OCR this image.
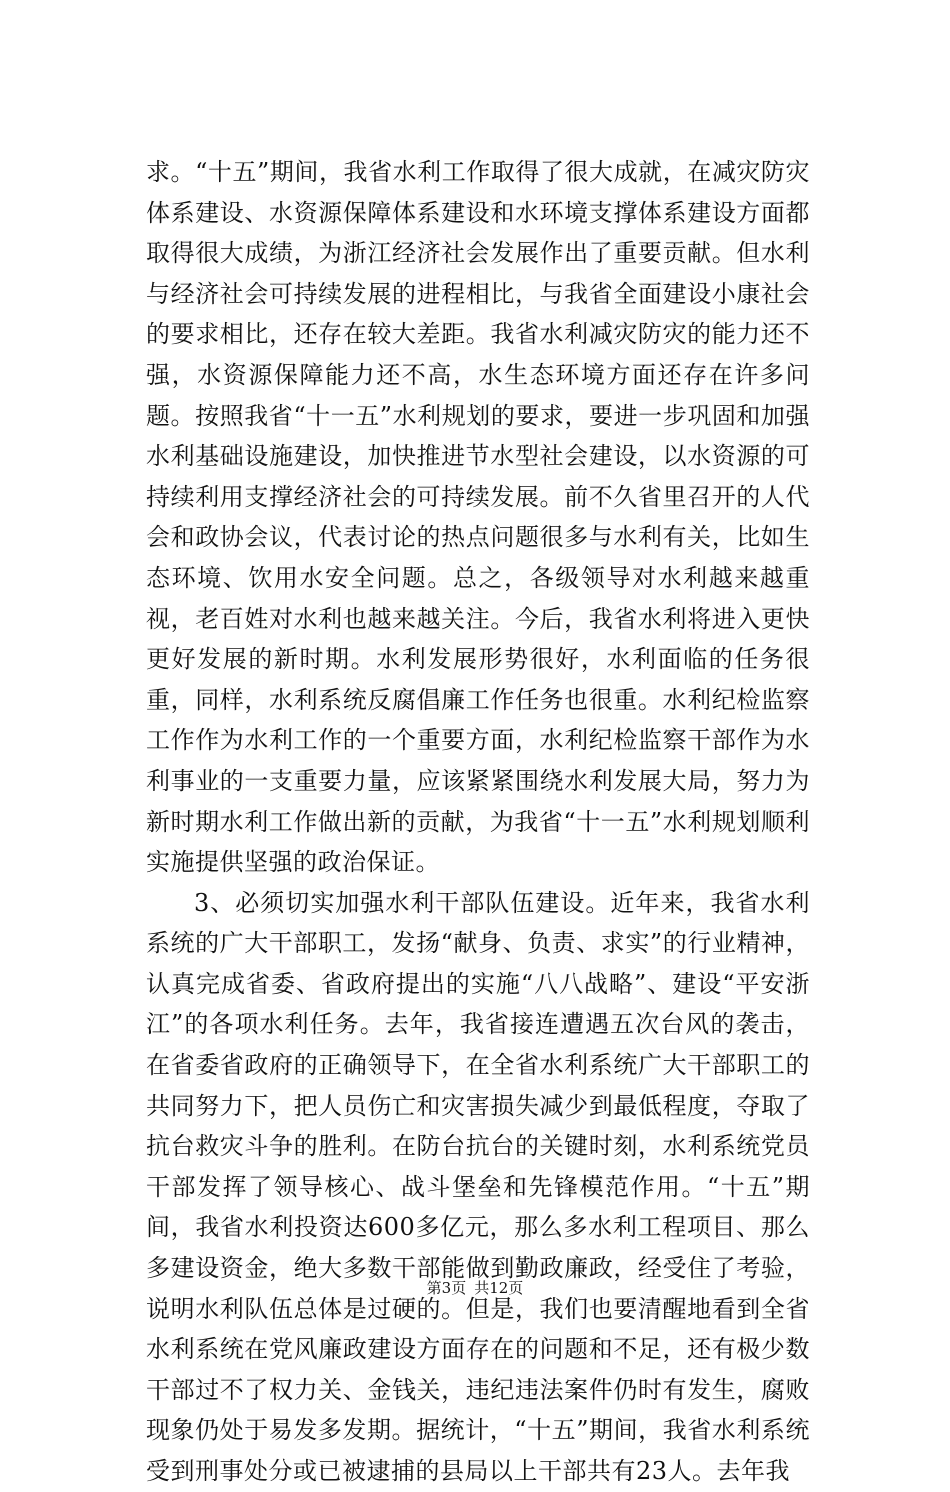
求。“十五”期间，我省水利工作取得了很大成就，在减灾防灾体系建设、水资源保障体系建设和水环境支撑体系建设方面都取得很大成绩，为浙江经济社会发展作出了重要贡献。但水利与经济社会可持续发展的进程相比，与我省全面建设小康社会的要求相比，还存在较大差距。我省水利减灾防灾的能力还不强，水资源保障能力还不高，水生态环境方面还存在许多问题。按照我省“十一五”水利规划的要求，要进一步巩固和加强水利基础设施建设，加快推进节水型社会建设，以水资源的可持续利用支撑经济社会的可持续发展。前不久省里召开的人代会和政协会议，代表讨论的热点问题很多与水利有关，比如生态环境、饮用水安全问题。总之，各级领导对水利越来越重视，老百姓对水利也越来越关注。今后，我省水利将进入更快更好发展的新时期。水利发展形势很好，水利面临的任务很重，同样，水利系统反腐倡廉工作任务也很重。水利纪检监察工作作为水利工作的一个重要方面，水利纪检监察干部作为水利事业的一支重要力量，应该紧紧围绕水利发展大局，努力为新时期水利工作做出新的贡献，为我省“十一五”水利规划顺利实施提供坚强的政治保证。

3、必须切实加强水利干部队伍建设。近年来，我省水利系统的广大干部职工，发扬“献身、负责、求实”的行业精神，认真完成省委、省政府提出的实施“八八战略”、建设“平安浙江”的各项水利任务。去年，我省接连遭遇五次台风的袭击，在省委省政府的正确领导下，在全省水利系统广大干部职工的共同努力下，把人员伤亡和灾害损失减少到最低程度，夺取了抗台救灾斗争的胜利。在防台抗台的关键时刻，水利系统党员干部发挥了领导核心、战斗堡垒和先锋模范作用。“十五”期间，我省水利投资达600多亿元，那么多水利工程项目、那么多建设资金，绝大多数干部能做到勤政廉政，经受住了考验，说明水利队伍总体是过硬的。但是，我们也要清醒地看到全省水利系统在党风廉政建设方面存在的问题和不足，还有极少数干部过不了权力关、金钱关，违纪违法案件仍时有发生，腐败现象仍处于易发多发期。据统计，“十五”期间，我省水利系统受到刑事处分或已被逮捕的县局以上干部共有23人。去年我

第3页 共12页
